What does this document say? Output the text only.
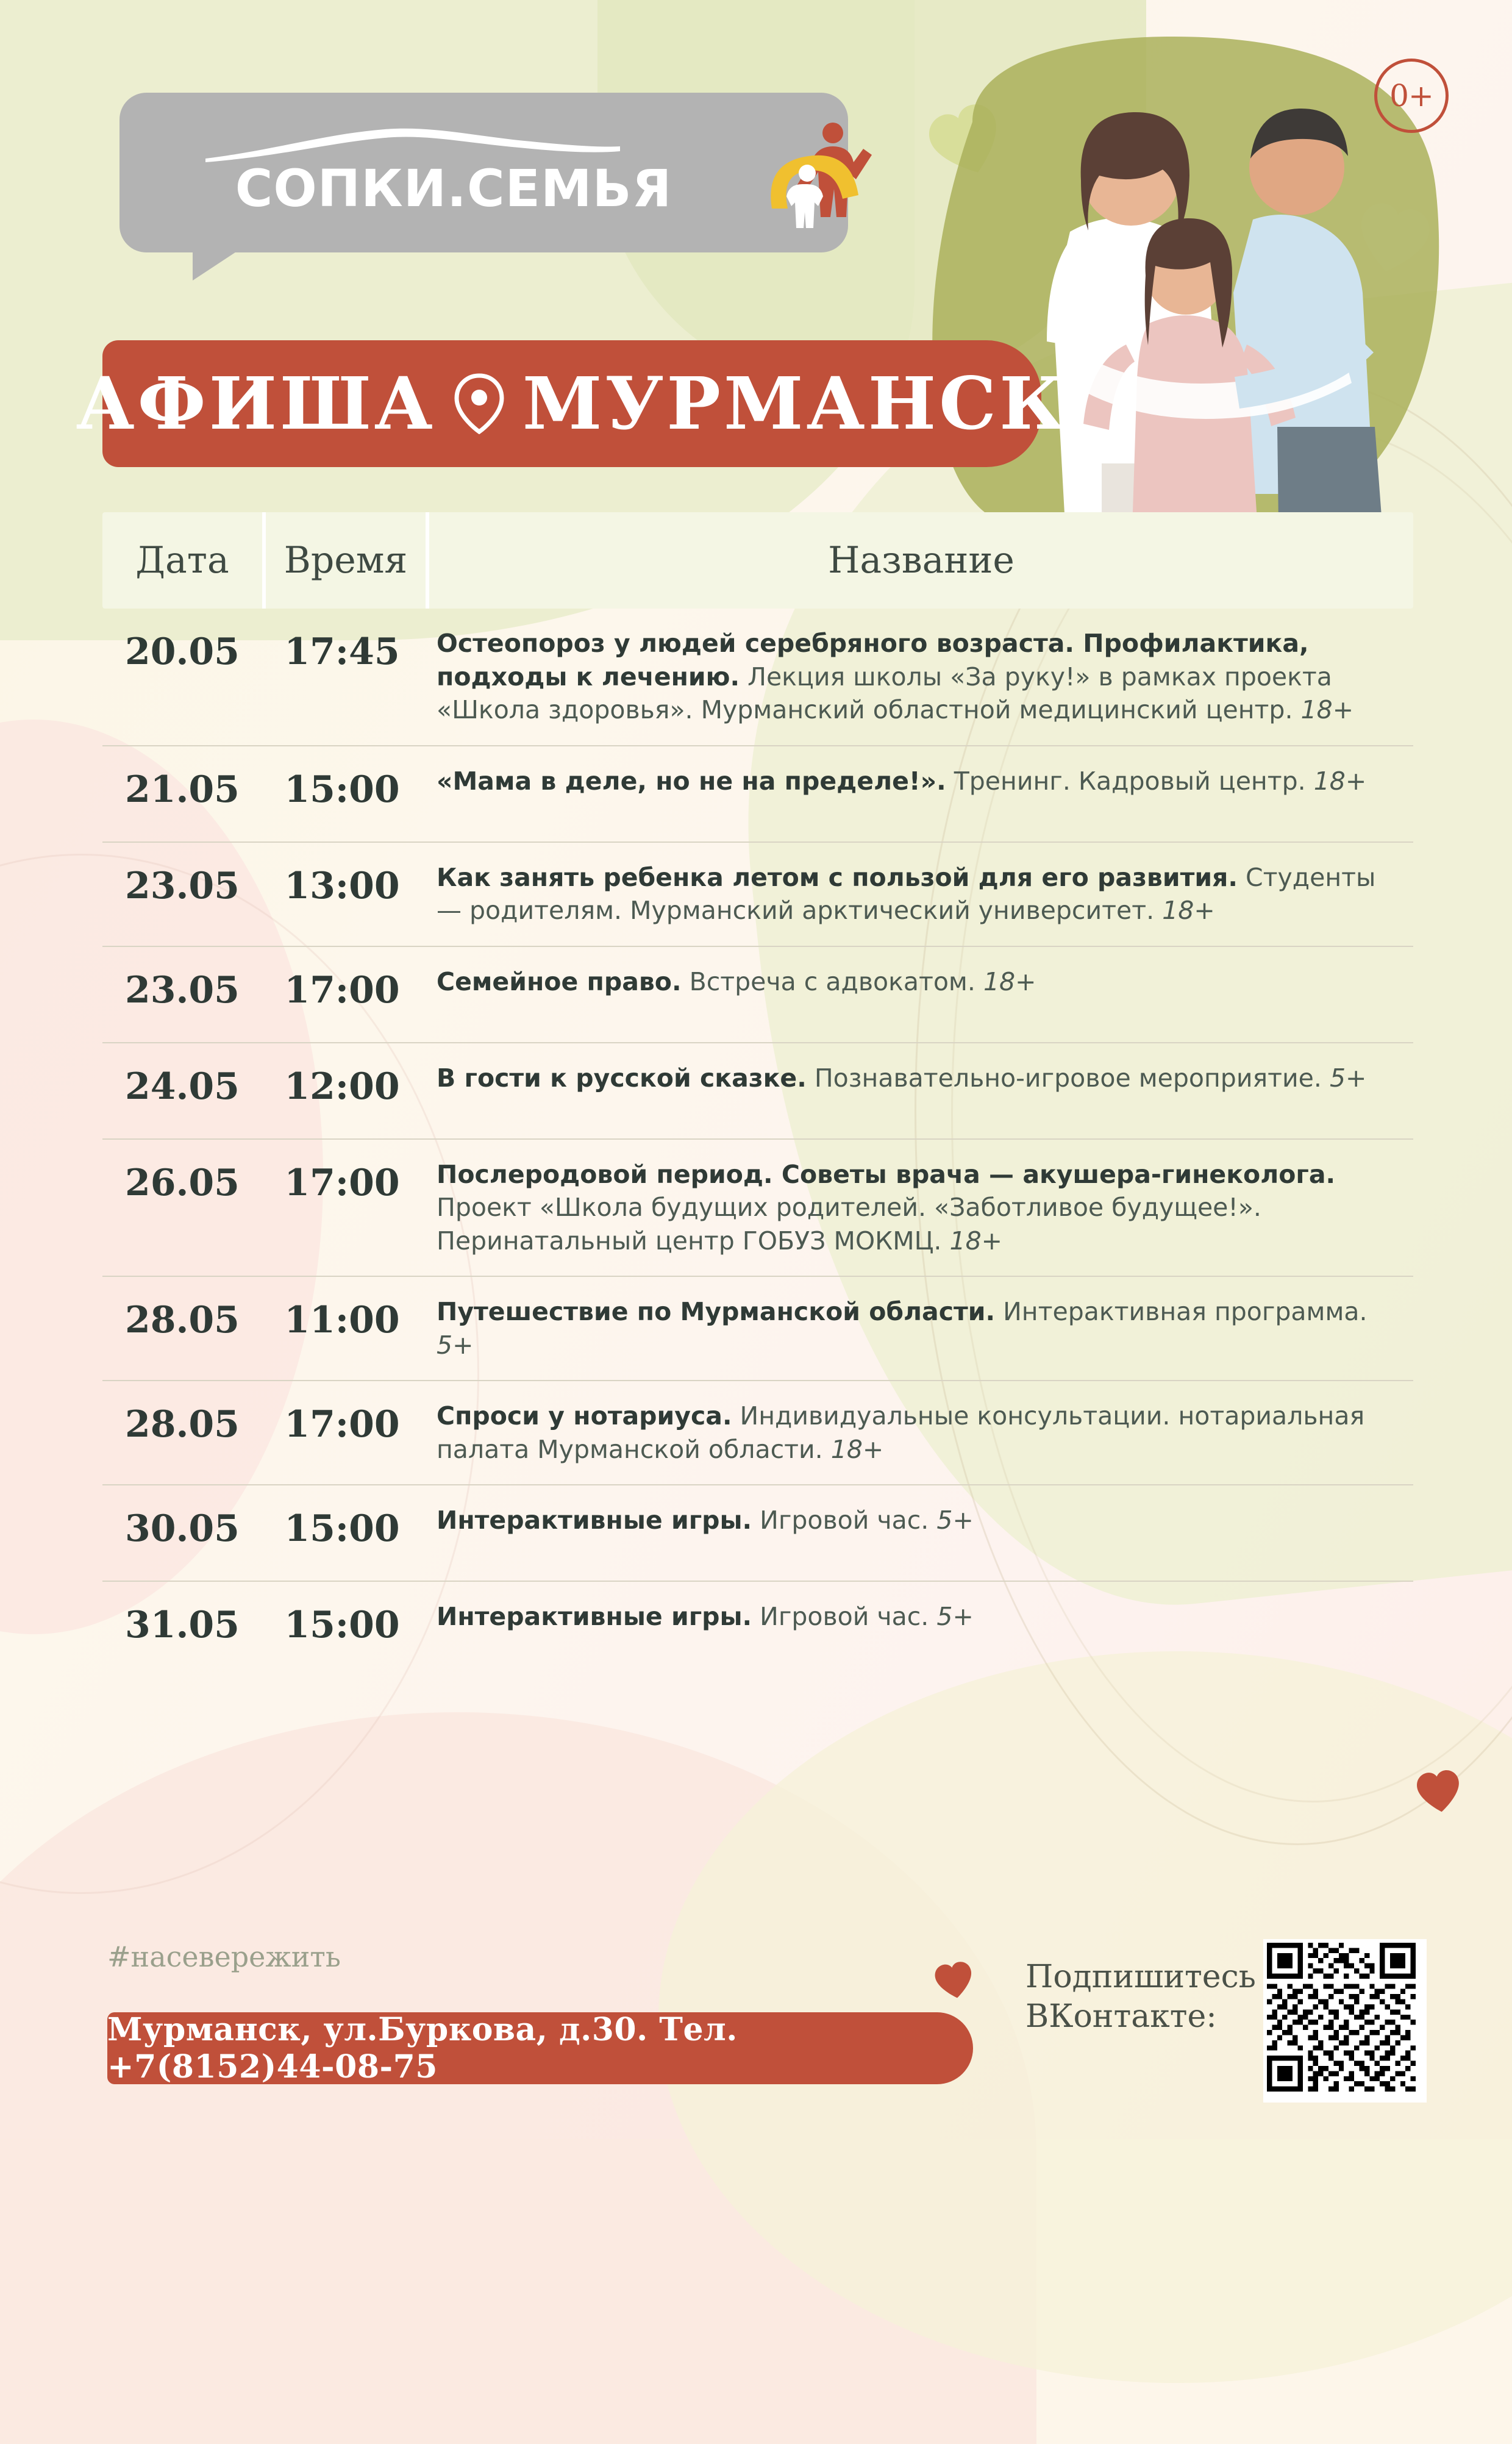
СОПКИ.СЕМЬЯ
0+
АФИША МУРМАНСК
Дата	Время	Название
20.05	17:45	Остеопороз у людей серебряного возраста. Профилактика, подходы к лечению. Лекция школы «За руку!» в рамках проекта «Школа здоровья». Мурманский областной медицинский центр. 18+
21.05	15:00	«Мама в деле, но не на пределе!». Тренинг. Кадровый центр. 18+
23.05	13:00	Как занять ребенка летом с пользой для его развития. Студенты — родителям. Мурманский арктический университет. 18+
23.05	17:00	Семейное право. Встреча с адвокатом. 18+
24.05	12:00	В гости к русской сказке. Познавательно-игровое мероприятие. 5+
26.05	17:00	Послеродовой период. Советы врача — акушера-гинеколога. Проект «Школа будущих родителей. «Заботливое будущее!». Перинатальный центр ГОБУЗ МОКМЦ. 18+
28.05	11:00	Путешествие по Мурманской области. Интерактивная программа. 5+
28.05	17:00	Спроси у нотариуса. Индивидуальные консультации. нотариальная палата Мурманской области. 18+
30.05	15:00	Интерактивные игры. Игровой час. 5+
31.05	15:00	Интерактивные игры. Игровой час. 5+
#насевережить
Мурманск, ул.Буркова, д.30. Тел. +7(8152)44-08-75
Подпишитесь
ВКонтакте:
